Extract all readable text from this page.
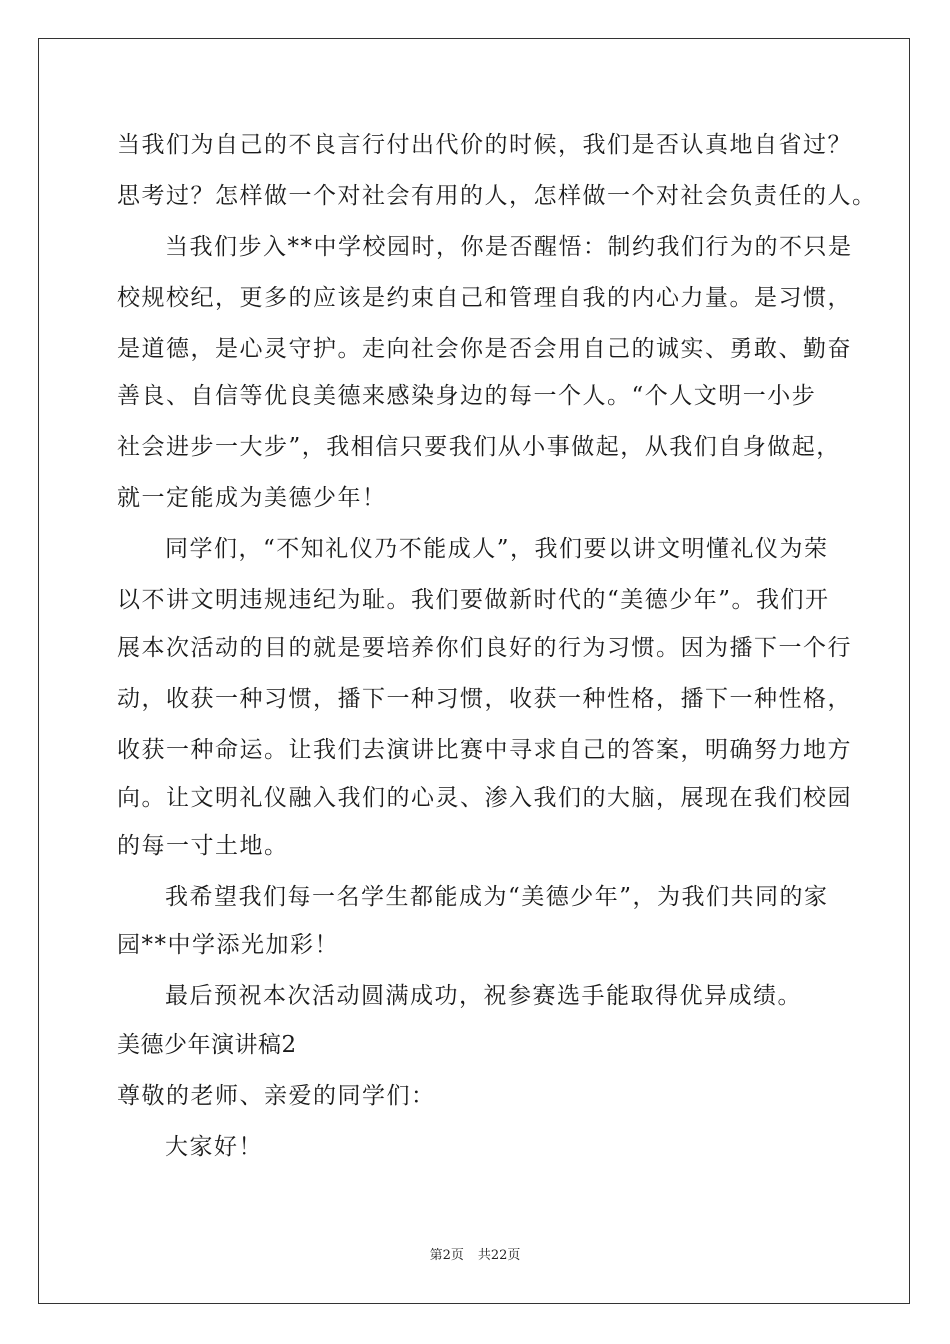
当我们为自己的不良言行付出代价的时候，我们是否认真地自省过？
思考过？怎样做一个对社会有用的人，怎样做一个对社会负责任的人。
当我们步入**中学校园时，你是否醒悟：制约我们行为的不只是
校规校纪，更多的应该是约束自己和管理自我的内心力量。是习惯，
是道德，是心灵守护。走向社会你是否会用自己的诚实、勇敢、勤奋
善良、自信等优良美德来感染身边的每一个人。“个人文明一小步
社会进步一大步”，我相信只要我们从小事做起，从我们自身做起，
就一定能成为美德少年！
同学们，“不知礼仪乃不能成人”，我们要以讲文明懂礼仪为荣
以不讲文明违规违纪为耻。我们要做新时代的“美德少年”。我们开
展本次活动的目的就是要培养你们良好的行为习惯。因为播下一个行
动，收获一种习惯，播下一种习惯，收获一种性格，播下一种性格，
收获一种命运。让我们去演讲比赛中寻求自己的答案，明确努力地方
向。让文明礼仪融入我们的心灵、渗入我们的大脑，展现在我们校园
的每一寸土地。
我希望我们每一名学生都能成为“美德少年”，为我们共同的家
园**中学添光加彩！
最后预祝本次活动圆满成功，祝参赛选手能取得优异成绩。
美德少年演讲稿2
尊敬的老师、亲爱的同学们：
大家好！
第2页 共22页
